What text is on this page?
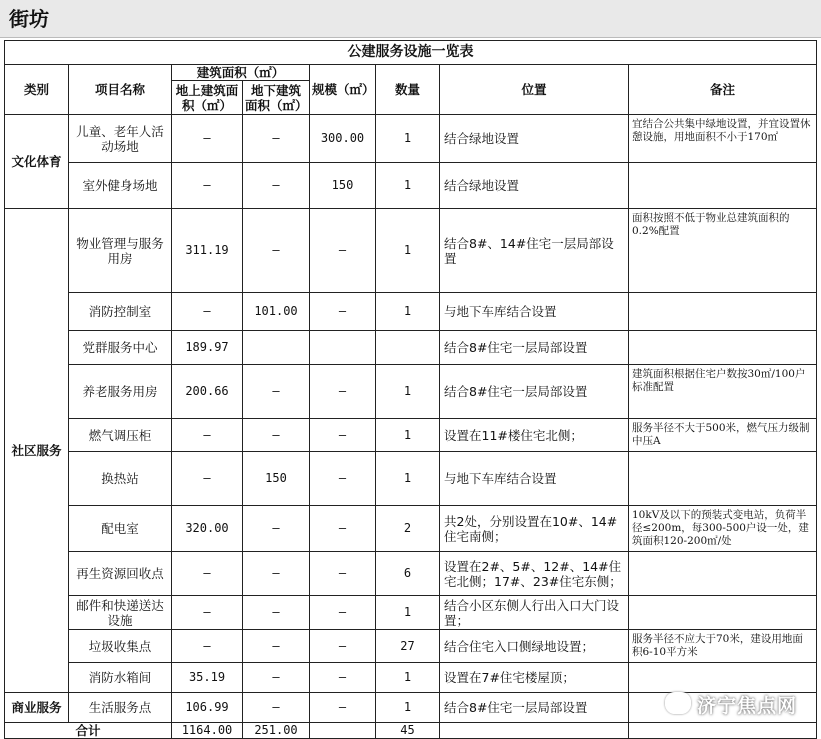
街坊
公建服务设施一览表							
类别	项目名称	建筑面积（㎡）		规模（㎡）	数量	位置	备注
		地上建筑面积（㎡）	地下建筑面积（㎡）				
文化体育	儿童、老年人活动场地	–	–	300.00	1	结合绿地设置	宜结合公共集中绿地设置，并宜设置休憩设施，用地面积不小于170㎡
	室外健身场地	–	–	150	1	结合绿地设置	
社区服务	物业管理与服务用房	311.19	–	–	1	结合8#、14#住宅一层局部设置	面积按照不低于物业总建筑面积的0.2%配置
	消防控制室	–	101.00	–	1	与地下车库结合设置	
	党群服务中心	189.97				结合8#住宅一层局部设置	
	养老服务用房	200.66	–	–	1	结合8#住宅一层局部设置	建筑面积根据住宅户数按30㎡/100户标准配置
	燃气调压柜	–	–	–	1	设置在11#楼住宅北侧；	服务半径不大于500米，燃气压力级制中压A
	换热站	–	150	–	1	与地下车库结合设置	
	配电室	320.00	–	–	2	共2处，分别设置在10#、14#住宅南侧；	10kV及以下的预装式变电站，负荷半径≤200m，每300-500户设一处，建筑面积120-200㎡/处
	再生资源回收点	–	–	–	6	设置在2#、5#、12#、14#住宅北侧；17#、23#住宅东侧；	
	邮件和快递送达设施	–	–	–	1	结合小区东侧人行出入口大门设置；	
	垃圾收集点	–	–	–	27	结合住宅入口侧绿地设置；	服务半径不应大于70米，建设用地面积6-10平方米
	消防水箱间	35.19	–	–	1	设置在7#住宅楼屋顶；	
商业服务	生活服务点	106.99	–	–	1	结合8#住宅一层局部设置	
合计		1164.00	251.00		45		
济宁焦点网
